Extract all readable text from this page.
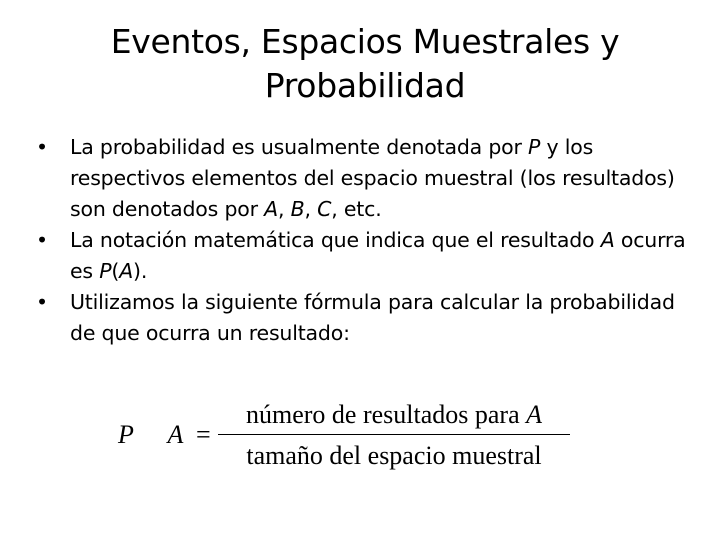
Eventos, Espacios Muestrales y
Probabilidad
• La probabilidad es usualmente denotada por P y los respectivos elementos del espacio muestral (los resultados) son denotados por A, B, C, etc.
• La notación matemática que indica que el resultado A ocurra es P(A).
• Utilizamos la siguiente fórmula para calcular la probabilidad de que ocurra un resultado:
P A
=
número de resultados para A
tamaño del espacio muestral
